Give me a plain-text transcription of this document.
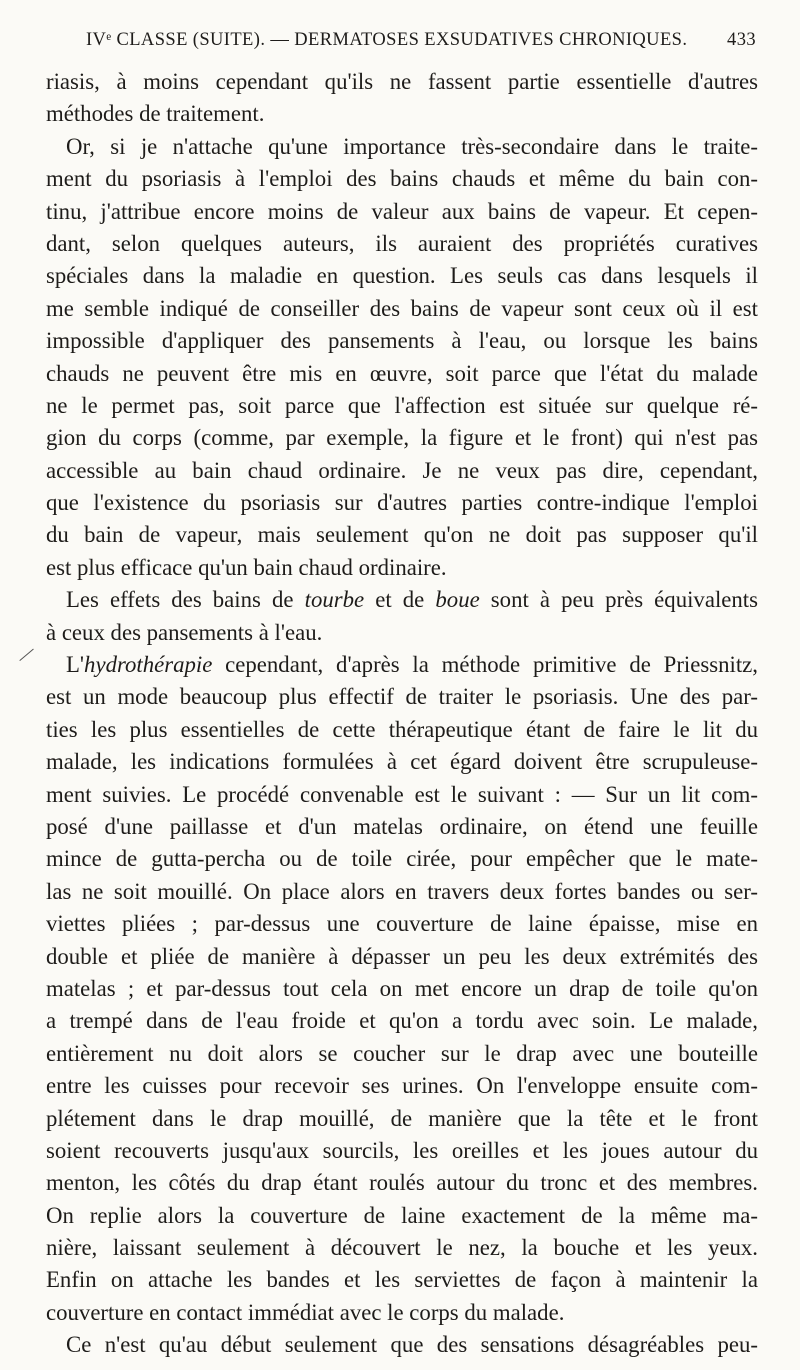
IVᵉ CLASSE (SUITE). — DERMATOSES EXSUDATIVES CHRONIQUES. 433
riasis, à moins cependant qu'ils ne fassent partie essentielle d'autres
méthodes de traitement.
Or, si je n'attache qu'une importance très-secondaire dans le traite-
ment du psoriasis à l'emploi des bains chauds et même du bain con-
tinu, j'attribue encore moins de valeur aux bains de vapeur. Et cepen-
dant, selon quelques auteurs, ils auraient des propriétés curatives
spéciales dans la maladie en question. Les seuls cas dans lesquels il
me semble indiqué de conseiller des bains de vapeur sont ceux où il est
impossible d'appliquer des pansements à l'eau, ou lorsque les bains
chauds ne peuvent être mis en œuvre, soit parce que l'état du malade
ne le permet pas, soit parce que l'affection est située sur quelque ré-
gion du corps (comme, par exemple, la figure et le front) qui n'est pas
accessible au bain chaud ordinaire. Je ne veux pas dire, cependant,
que l'existence du psoriasis sur d'autres parties contre-indique l'emploi
du bain de vapeur, mais seulement qu'on ne doit pas supposer qu'il
est plus efficace qu'un bain chaud ordinaire.
Les effets des bains de tourbe et de boue sont à peu près équivalents
à ceux des pansements à l'eau.
L'hydrothérapie cependant, d'après la méthode primitive de Priessnitz,
est un mode beaucoup plus effectif de traiter le psoriasis. Une des par-
ties les plus essentielles de cette thérapeutique étant de faire le lit du
malade, les indications formulées à cet égard doivent être scrupuleuse-
ment suivies. Le procédé convenable est le suivant : — Sur un lit com-
posé d'une paillasse et d'un matelas ordinaire, on étend une feuille
mince de gutta-percha ou de toile cirée, pour empêcher que le mate-
las ne soit mouillé. On place alors en travers deux fortes bandes ou ser-
viettes pliées ; par-dessus une couverture de laine épaisse, mise en
double et pliée de manière à dépasser un peu les deux extrémités des
matelas ; et par-dessus tout cela on met encore un drap de toile qu'on
a trempé dans de l'eau froide et qu'on a tordu avec soin. Le malade,
entièrement nu doit alors se coucher sur le drap avec une bouteille
entre les cuisses pour recevoir ses urines. On l'enveloppe ensuite com-
plétement dans le drap mouillé, de manière que la tête et le front
soient recouverts jusqu'aux sourcils, les oreilles et les joues autour du
menton, les côtés du drap étant roulés autour du tronc et des membres.
On replie alors la couverture de laine exactement de la même ma-
nière, laissant seulement à découvert le nez, la bouche et les yeux.
Enfin on attache les bandes et les serviettes de façon à maintenir la
couverture en contact immédiat avec le corps du malade.
Ce n'est qu'au début seulement que des sensations désagréables peu-
